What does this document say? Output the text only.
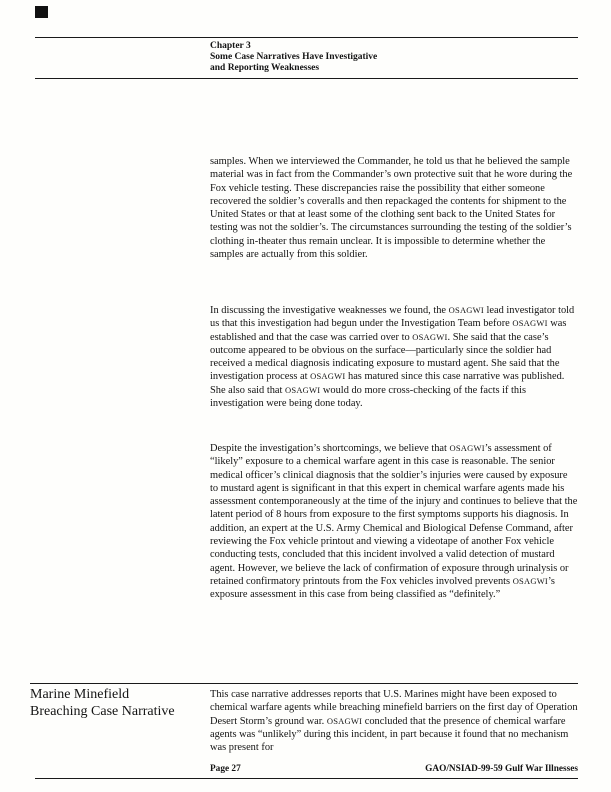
Chapter 3
Some Case Narratives Have Investigative
and Reporting Weaknesses
samples. When we interviewed the Commander, he told us that he believed the sample material was in fact from the Commander’s own protective suit that he wore during the Fox vehicle testing. These discrepancies raise the possibility that either someone recovered the soldier’s coveralls and then repackaged the contents for shipment to the United States or that at least some of the clothing sent back to the United States for testing was not the soldier’s. The circumstances surrounding the testing of the soldier’s clothing in-theater thus remain unclear. It is impossible to determine whether the samples are actually from this soldier.
In discussing the investigative weaknesses we found, the OSAGWI lead investigator told us that this investigation had begun under the Investigation Team before OSAGWI was established and that the case was carried over to OSAGWI. She said that the case’s outcome appeared to be obvious on the surface—particularly since the soldier had received a medical diagnosis indicating exposure to mustard agent. She said that the investigation process at OSAGWI has matured since this case narrative was published. She also said that OSAGWI would do more cross-checking of the facts if this investigation were being done today.
Despite the investigation’s shortcomings, we believe that OSAGWI’s assessment of “likely” exposure to a chemical warfare agent in this case is reasonable. The senior medical officer’s clinical diagnosis that the soldier’s injuries were caused by exposure to mustard agent is significant in that this expert in chemical warfare agents made his assessment contemporaneously at the time of the injury and continues to believe that the latent period of 8 hours from exposure to the first symptoms supports his diagnosis. In addition, an expert at the U.S. Army Chemical and Biological Defense Command, after reviewing the Fox vehicle printout and viewing a videotape of another Fox vehicle conducting tests, concluded that this incident involved a valid detection of mustard agent. However, we believe the lack of confirmation of exposure through urinalysis or retained confirmatory printouts from the Fox vehicles involved prevents OSAGWI’s exposure assessment in this case from being classified as “definitely.”
Marine Minefield
Breaching Case Narrative
This case narrative addresses reports that U.S. Marines might have been exposed to chemical warfare agents while breaching minefield barriers on the first day of Operation Desert Storm’s ground war. OSAGWI concluded that the presence of chemical warfare agents was “unlikely” during this incident, in part because it found that no mechanism was present for
Page 27	GAO/NSIAD-99-59 Gulf War Illnesses
